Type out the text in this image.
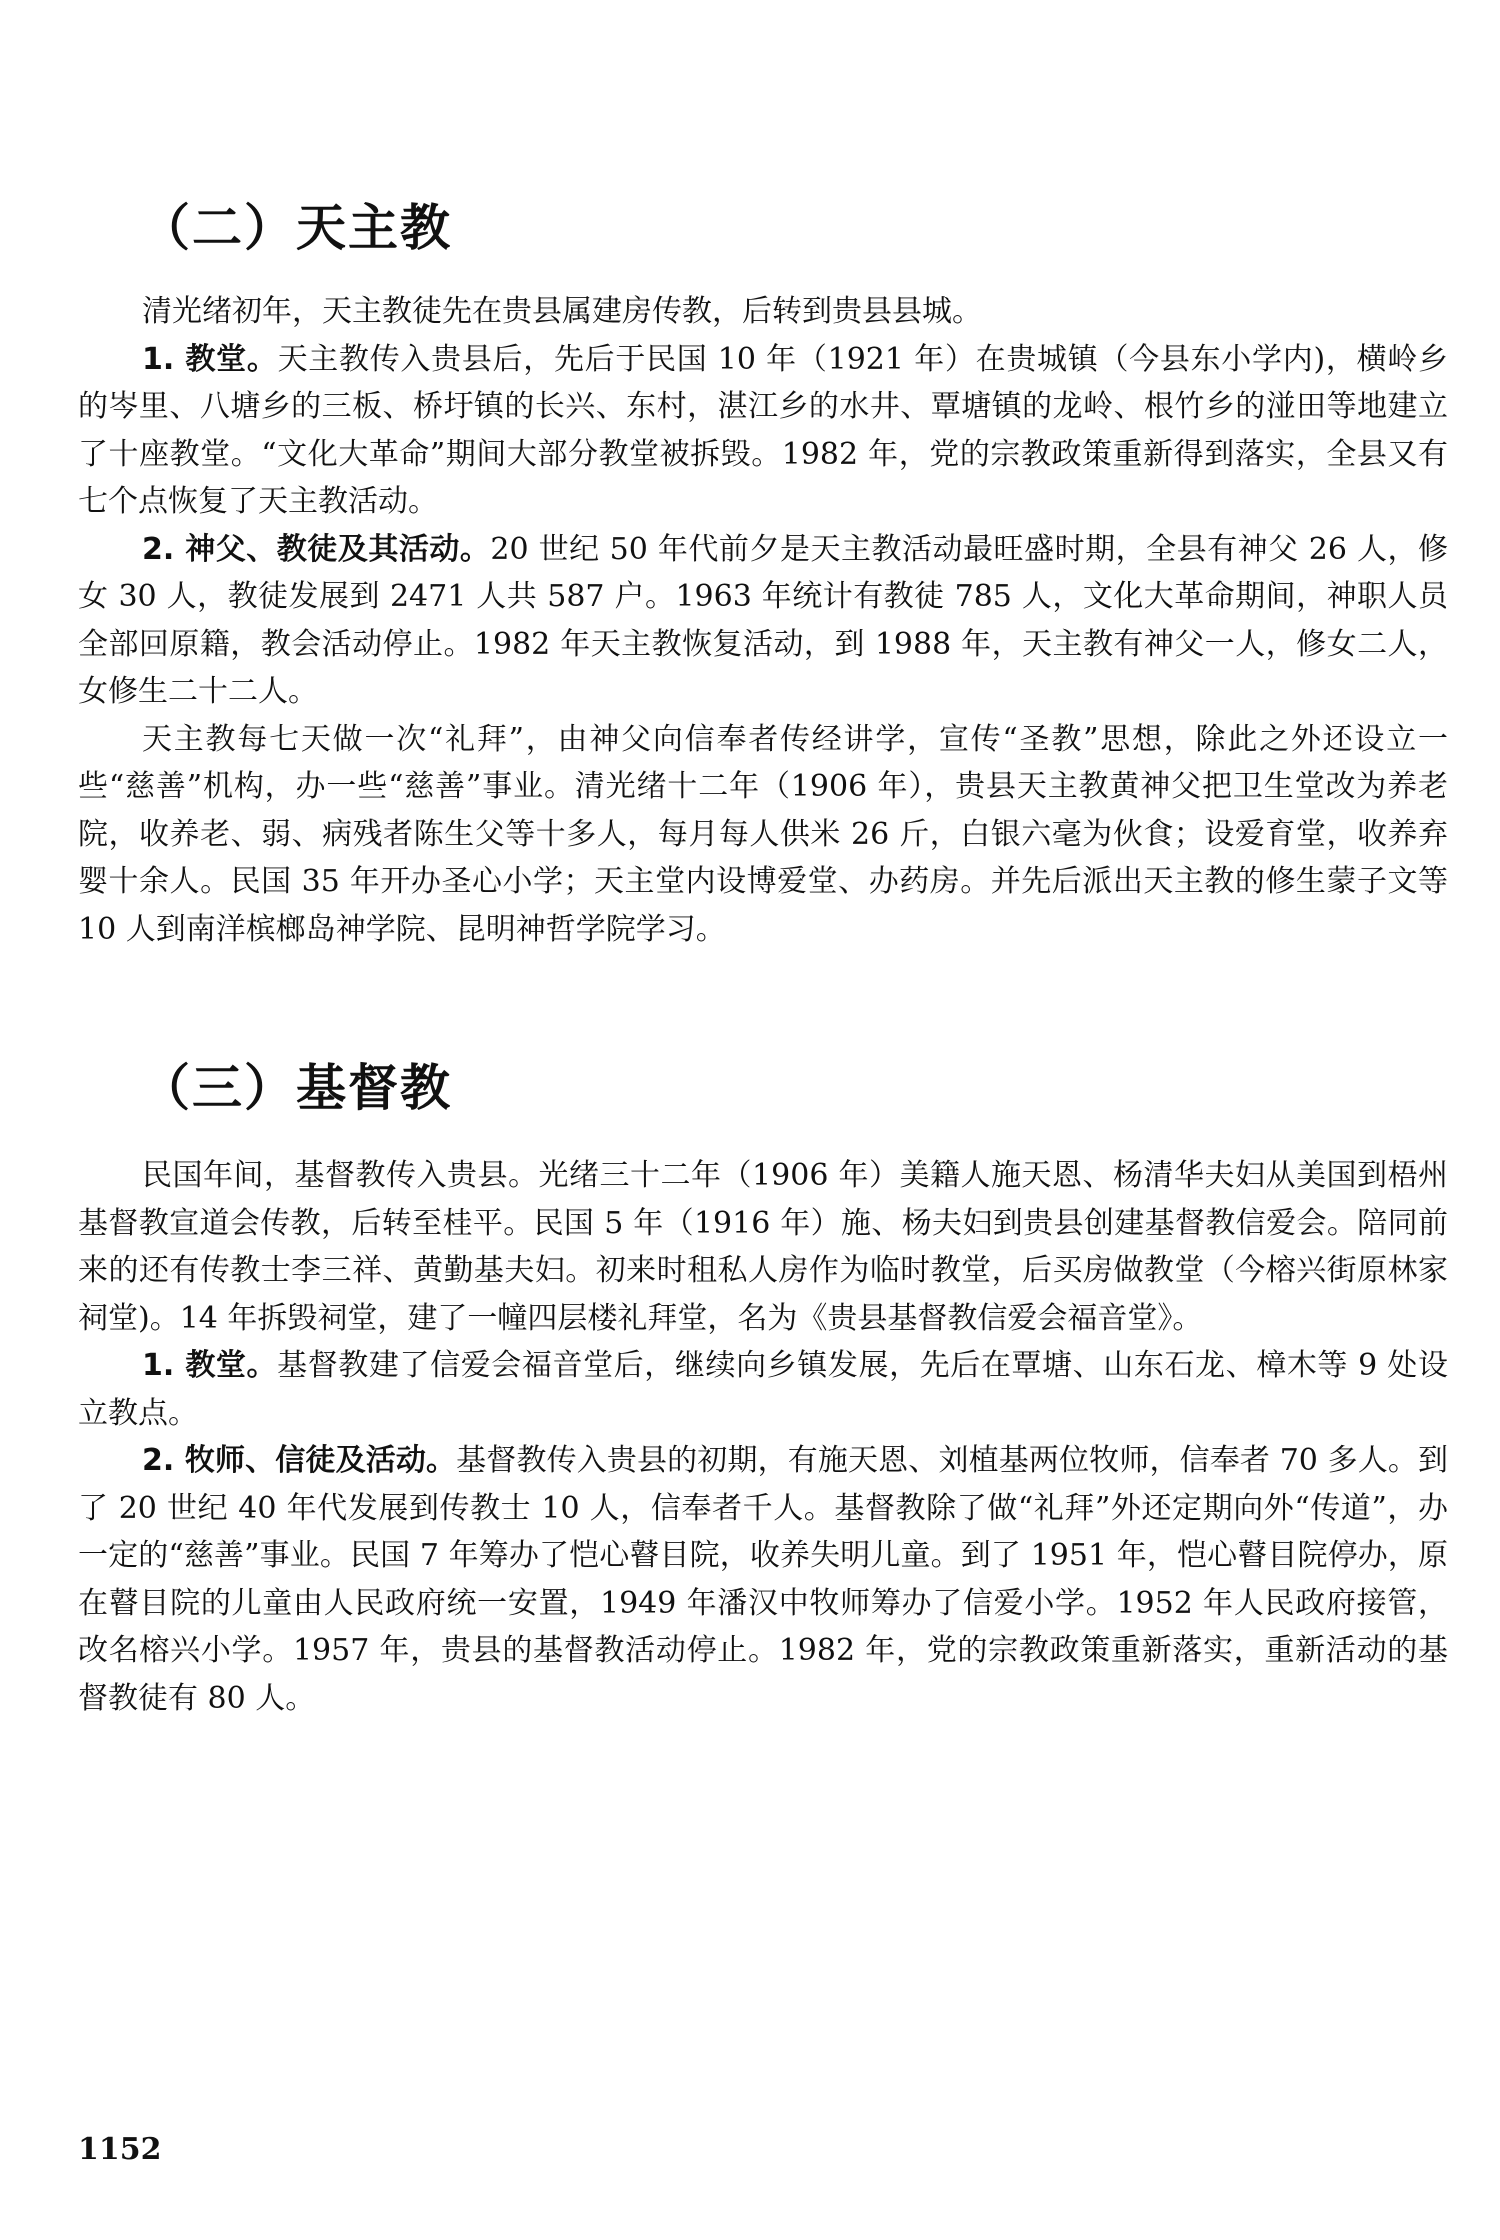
（二）天主教

清光绪初年，天主教徒先在贵县属建房传教，后转到贵县县城。

1. 教堂。天主教传入贵县后，先后于民国 10 年（1921 年）在贵城镇（今县东小学内)，横岭乡的岑里、八塘乡的三板、桥圩镇的长兴、东村，湛江乡的水井、覃塘镇的龙岭、根竹乡的湴田等地建立了十座教堂。“文化大革命”期间大部分教堂被拆毁。1982 年，党的宗教政策重新得到落实，全县又有七个点恢复了天主教活动。

2. 神父、教徒及其活动。20 世纪 50 年代前夕是天主教活动最旺盛时期，全县有神父 26 人，修女 30 人，教徒发展到 2471 人共 587 户。1963 年统计有教徒 785 人，文化大革命期间，神职人员全部回原籍，教会活动停止。1982 年天主教恢复活动，到 1988 年，天主教有神父一人，修女二人，女修生二十二人。

天主教每七天做一次“礼拜”，由神父向信奉者传经讲学，宣传“圣教”思想，除此之外还设立一些“慈善”机构，办一些“慈善”事业。清光绪十二年（1906 年），贵县天主教黄神父把卫生堂改为养老院，收养老、弱、病残者陈生父等十多人，每月每人供米 26 斤，白银六毫为伙食；设爱育堂，收养弃婴十余人。民国 35 年开办圣心小学；天主堂内设博爱堂、办药房。并先后派出天主教的修生蒙子文等 10 人到南洋槟榔岛神学院、昆明神哲学院学习。

（三）基督教

民国年间，基督教传入贵县。光绪三十二年（1906 年）美籍人施天恩、杨清华夫妇从美国到梧州基督教宣道会传教，后转至桂平。民国 5 年（1916 年）施、杨夫妇到贵县创建基督教信爱会。陪同前来的还有传教士李三祥、黄勤基夫妇。初来时租私人房作为临时教堂，后买房做教堂（今榕兴街原林家祠堂)。14 年拆毁祠堂，建了一幢四层楼礼拜堂，名为《贵县基督教信爱会福音堂》。

1. 教堂。基督教建了信爱会福音堂后，继续向乡镇发展，先后在覃塘、山东石龙、樟木等 9 处设立教点。

2. 牧师、信徒及活动。基督教传入贵县的初期，有施天恩、刘植基两位牧师，信奉者 70 多人。到了 20 世纪 40 年代发展到传教士 10 人，信奉者千人。基督教除了做“礼拜”外还定期向外“传道”，办一定的“慈善”事业。民国 7 年筹办了恺心瞽目院，收养失明儿童。到了 1951 年，恺心瞽目院停办，原在瞽目院的儿童由人民政府统一安置，1949 年潘汉中牧师筹办了信爱小学。1952 年人民政府接管，改名榕兴小学。1957 年，贵县的基督教活动停止。1982 年，党的宗教政策重新落实，重新活动的基督教徒有 80 人。

1152
